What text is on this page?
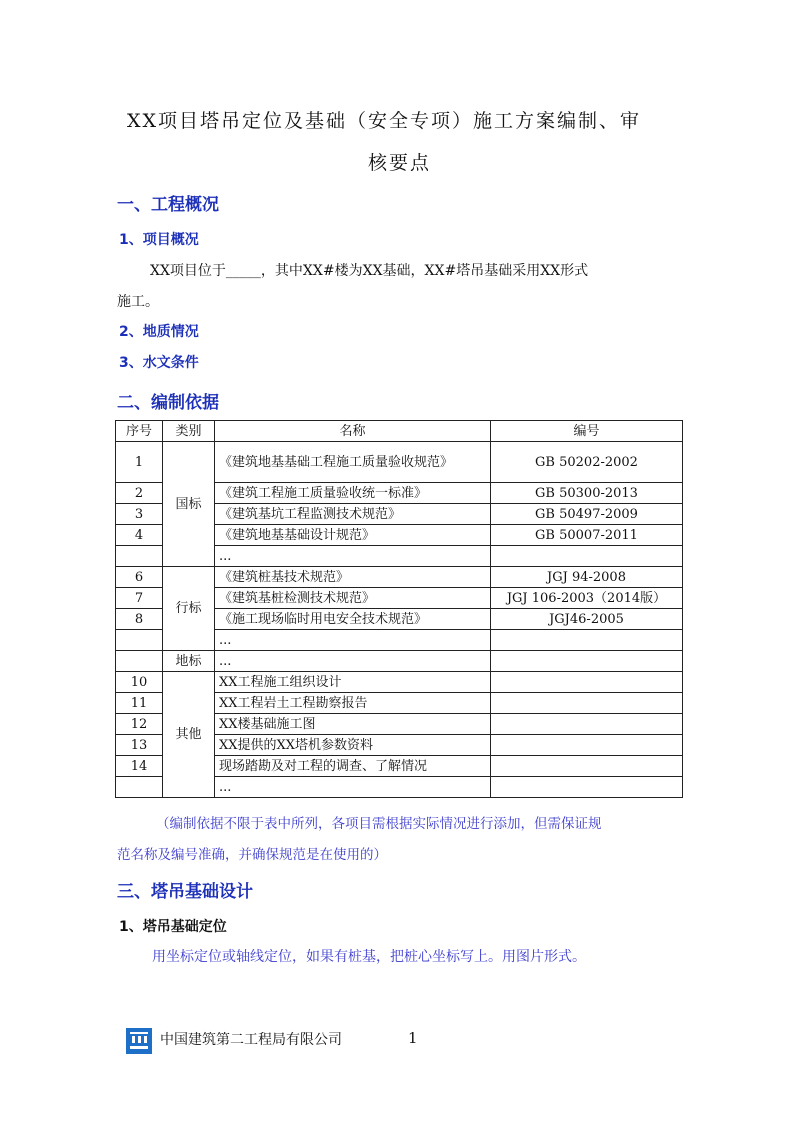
XX项目塔吊定位及基础（安全专项）施工方案编制、审
核要点
一、工程概况
1、项目概况
XX项目位于_____，其中XX#楼为XX基础，XX#塔吊基础采用XX形式
施工。
2、地质情况
3、水文条件
二、编制依据
序号	类别	名称	编号
1	国标	《建筑地基基础工程施工质量验收规范》	GB 50202-2002
2		《建筑工程施工质量验收统一标准》	GB 50300-2013
3		《建筑基坑工程监测技术规范》	GB 50497-2009
4		《建筑地基基础设计规范》	GB 50007-2011
		...	
6	行标	《建筑桩基技术规范》	JGJ 94-2008
7		《建筑基桩检测技术规范》	JGJ 106-2003（2014版）
8		《施工现场临时用电安全技术规范》	JGJ46-2005
		...	
	地标	...	
10	其他	XX工程施工组织设计	
11		XX工程岩土工程勘察报告	
12		XX楼基础施工图	
13		XX提供的XX塔机参数资料	
14		现场踏勘及对工程的调查、了解情况	
		...	
（编制依据不限于表中所列，各项目需根据实际情况进行添加，但需保证规
范名称及编号准确，并确保规范是在使用的）
三、塔吊基础设计
1、塔吊基础定位
用坐标定位或轴线定位，如果有桩基，把桩心坐标写上。用图片形式。
中国建筑第二工程局有限公司	1
